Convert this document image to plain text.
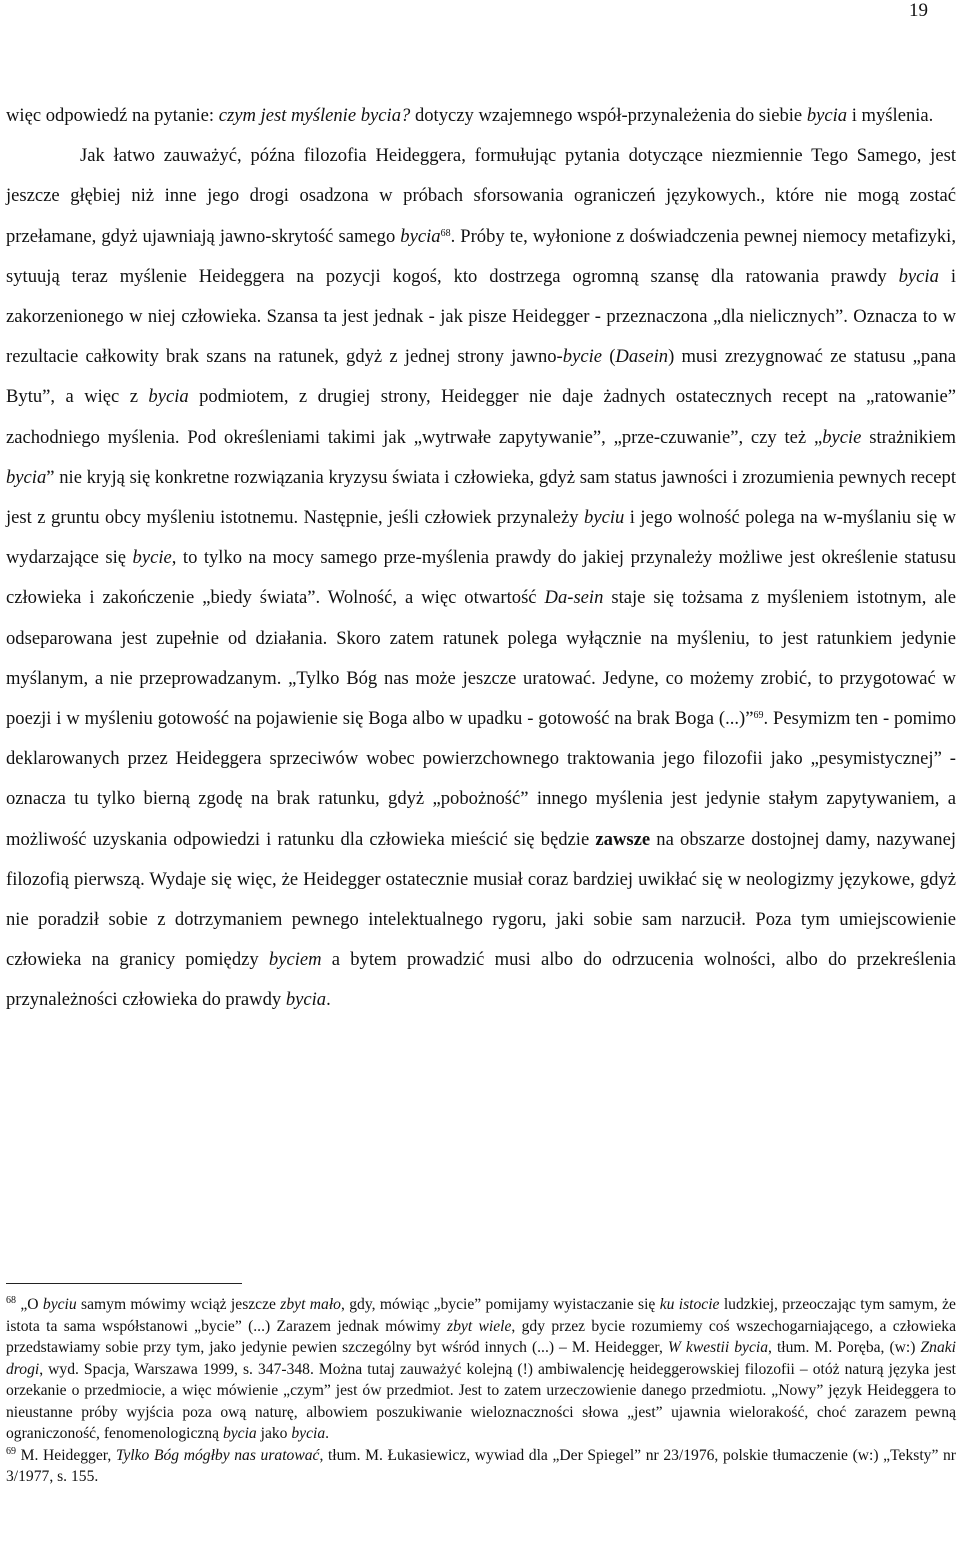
19

więc odpowiedź na pytanie: czym jest myślenie bycia? dotyczy wzajemnego współ-przynależenia do siebie bycia i myślenia.

Jak łatwo zauważyć, późna filozofia Heideggera, formułując pytania dotyczące niezmiennie Tego Samego, jest jeszcze głębiej niż inne jego drogi osadzona w próbach sforsowania ograniczeń językowych., które nie mogą zostać przełamane, gdyż ujawniają jawno-skrytość samego bycia$^{68}$. Próby te, wyłonione z doświadczenia pewnej niemocy metafizyki, sytuują teraz myślenie Heideggera na pozycji kogoś, kto dostrzega ogromną szansę dla ratowania prawdy bycia i zakorzenionego w niej człowieka. Szansa ta jest jednak - jak pisze Heidegger - przeznaczona „dla nielicznych”. Oznacza to w rezultacie całkowity brak szans na ratunek, gdyż z jednej strony jawno-bycie (Dasein) musi zrezygnować ze statusu „pana Bytu”, a więc z bycia podmiotem, z drugiej strony, Heidegger nie daje żadnych ostatecznych recept na „ratowanie” zachodniego myślenia. Pod określeniami takimi jak „wytrwałe zapytywanie”, „prze-czuwanie”, czy też „bycie strażnikiem bycia” nie kryją się konkretne rozwiązania kryzysu świata i człowieka, gdyż sam status jawności i zrozumienia pewnych recept jest z gruntu obcy myśleniu istotnemu. Następnie, jeśli człowiek przynależy byciu i jego wolność polega na w-myślaniu się w wydarzające się bycie, to tylko na mocy samego prze-myślenia prawdy do jakiej przynależy możliwe jest określenie statusu człowieka i zakończenie „biedy świata”. Wolność, a więc otwartość Da-sein staje się tożsama z myśleniem istotnym, ale odseparowana jest zupełnie od działania. Skoro zatem ratunek polega wyłącznie na myśleniu, to jest ratunkiem jedynie myślanym, a nie przeprowadzanym. „Tylko Bóg nas może jeszcze uratować. Jedyne, co możemy zrobić, to przygotować w poezji i w myśleniu gotowość na pojawienie się Boga albo w upadku - gotowość na brak Boga (...)”$^{69}$. Pesymizm ten - pomimo deklarowanych przez Heideggera sprzeciwów wobec powierzchownego traktowania jego filozofii jako „pesymistycznej” - oznacza tu tylko bierną zgodę na brak ratunku, gdyż „pobożność” innego myślenia jest jedynie stałym zapytywaniem, a możliwość uzyskania odpowiedzi i ratunku dla człowieka mieścić się będzie zawsze na obszarze dostojnej damy, nazywanej filozofią pierwszą. Wydaje się więc, że Heidegger ostatecznie musiał coraz bardziej uwikłać się w neologizmy językowe, gdyż nie poradził sobie z dotrzymaniem pewnego intelektualnego rygoru, jaki sobie sam narzucił. Poza tym umiejscowienie człowieka na granicy pomiędzy byciem a bytem prowadzić musi albo do odrzucenia wolności, albo do przekreślenia przynależności człowieka do prawdy bycia.

$^{68}$ „O byciu samym mówimy wciąż jeszcze zbyt mało, gdy, mówiąc „bycie” pomijamy wyistaczanie się ku istocie ludzkiej, przeoczając tym samym, że istota ta sama współstanowi „bycie” (...) Zarazem jednak mówimy zbyt wiele, gdy przez bycie rozumiemy coś wszechogarniającego, a człowieka przedstawiamy sobie przy tym, jako jedynie pewien szczególny byt wśród innych (...) – M. Heidegger, W kwestii bycia, tłum. M. Poręba, (w:) Znaki drogi, wyd. Spacja, Warszawa 1999, s. 347-348. Można tutaj zauważyć kolejną (!) ambiwalencję heideggerowskiej filozofii – otóż naturą języka jest orzekanie o przedmiocie, a więc mówienie „czym” jest ów przedmiot. Jest to zatem urzeczowienie danego przedmiotu. „Nowy” język Heideggera to nieustanne próby wyjścia poza ową naturę, albowiem poszukiwanie wieloznaczności słowa „jest” ujawnia wielorakość, choć zarazem pewną ograniczoność, fenomenologiczną bycia jako bycia.

$^{69}$ M. Heidegger, Tylko Bóg mógłby nas uratować, tłum. M. Łukasiewicz, wywiad dla „Der Spiegel” nr 23/1976, polskie tłumaczenie (w:) „Teksty” nr 3/1977, s. 155.
